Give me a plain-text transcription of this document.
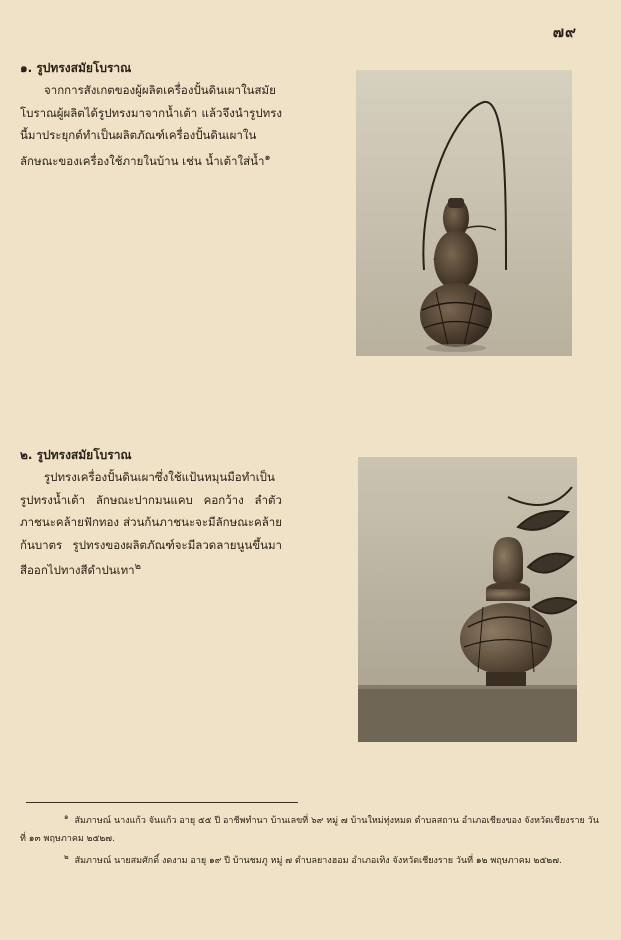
๗๙
๑. รูปทรงสมัยโบราณ

จากการสังเกตของผู้ผลิตเครื่องปั้นดินเผาในสมัยโบราณผู้ผลิตได้รูปทรงมาจากน้ำเต้า แล้วจึงนำรูปทรงนี้มาประยุกต์ทำเป็นผลิตภัณฑ์เครื่องปั้นดินเผาในลักษณะของเครื่องใช้ภายในบ้าน เช่น น้ำเต้าใส่น้ำ$^๑$

๒. รูปทรงสมัยโบราณ

รูปทรงเครื่องปั้นดินเผาซึ่งใช้แป้นหมุนมือทำเป็นรูปทรงน้ำเต้า ลักษณะปากมนแคบ คอกว้าง ลำตัวภาชนะคล้ายฟักทอง ส่วนก้นภาชนะจะมีลักษณะคล้ายก้นบาตร รูปทรงของผลิตภัณฑ์จะมีลวดลายนูนขึ้นมา สีออกไปทางสีดำปนเทา$^๒$

$^๑$ สัมภาษณ์ นางแก้ว จันแก้ว อายุ ๕๕ ปี อาชีพทำนา บ้านเลขที่ ๖๙ หมู่ ๗ บ้านใหม่ทุ่งหมด ตำบลสถาน อำเภอเชียงของ จังหวัดเชียงราย วันที่ ๑๓ พฤษภาคม ๒๕๒๗.

$^๒$ สัมภาษณ์ นายสมศักดิ์ งดงาม อายุ ๑๙ ปี บ้านชมภู หมู่ ๗ ตำบลยางฮอม อำเภอเทิง จังหวัดเชียงราย วันที่ ๑๒ พฤษภาคม ๒๕๒๗.
